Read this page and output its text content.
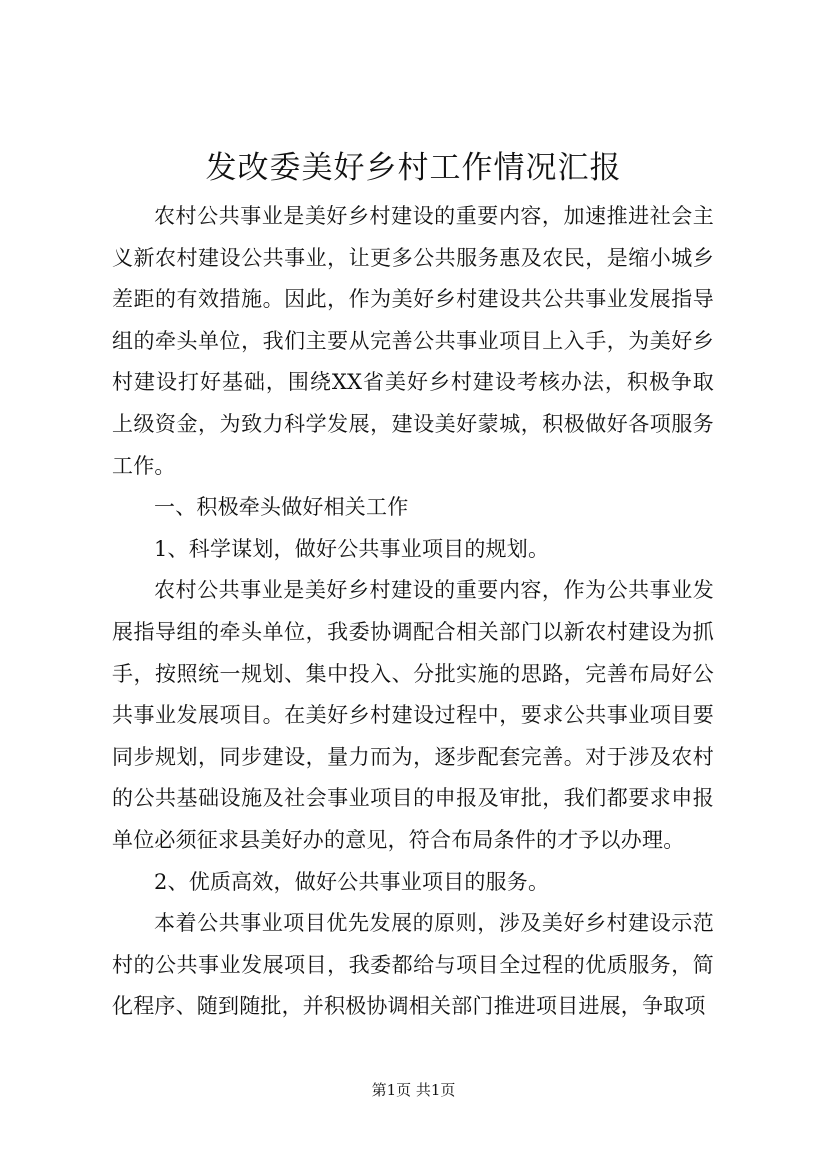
发改委美好乡村工作情况汇报

农村公共事业是美好乡村建设的重要内容，加速推进社会主义新农村建设公共事业，让更多公共服务惠及农民，是缩小城乡差距的有效措施。因此，作为美好乡村建设共公共事业发展指导组的牵头单位，我们主要从完善公共事业项目上入手，为美好乡村建设打好基础，围绕XX省美好乡村建设考核办法，积极争取上级资金，为致力科学发展，建设美好蒙城，积极做好各项服务工作。

一、积极牵头做好相关工作

1、科学谋划，做好公共事业项目的规划。

农村公共事业是美好乡村建设的重要内容，作为公共事业发展指导组的牵头单位，我委协调配合相关部门以新农村建设为抓手，按照统一规划、集中投入、分批实施的思路，完善布局好公共事业发展项目。在美好乡村建设过程中，要求公共事业项目要同步规划，同步建设，量力而为，逐步配套完善。对于涉及农村的公共基础设施及社会事业项目的申报及审批，我们都要求申报单位必须征求县美好办的意见，符合布局条件的才予以办理。

2、优质高效，做好公共事业项目的服务。

本着公共事业项目优先发展的原则，涉及美好乡村建设示范村的公共事业发展项目，我委都给与项目全过程的优质服务，简化程序、随到随批，并积极协调相关部门推进项目进展，争取项

第1页 共1页
